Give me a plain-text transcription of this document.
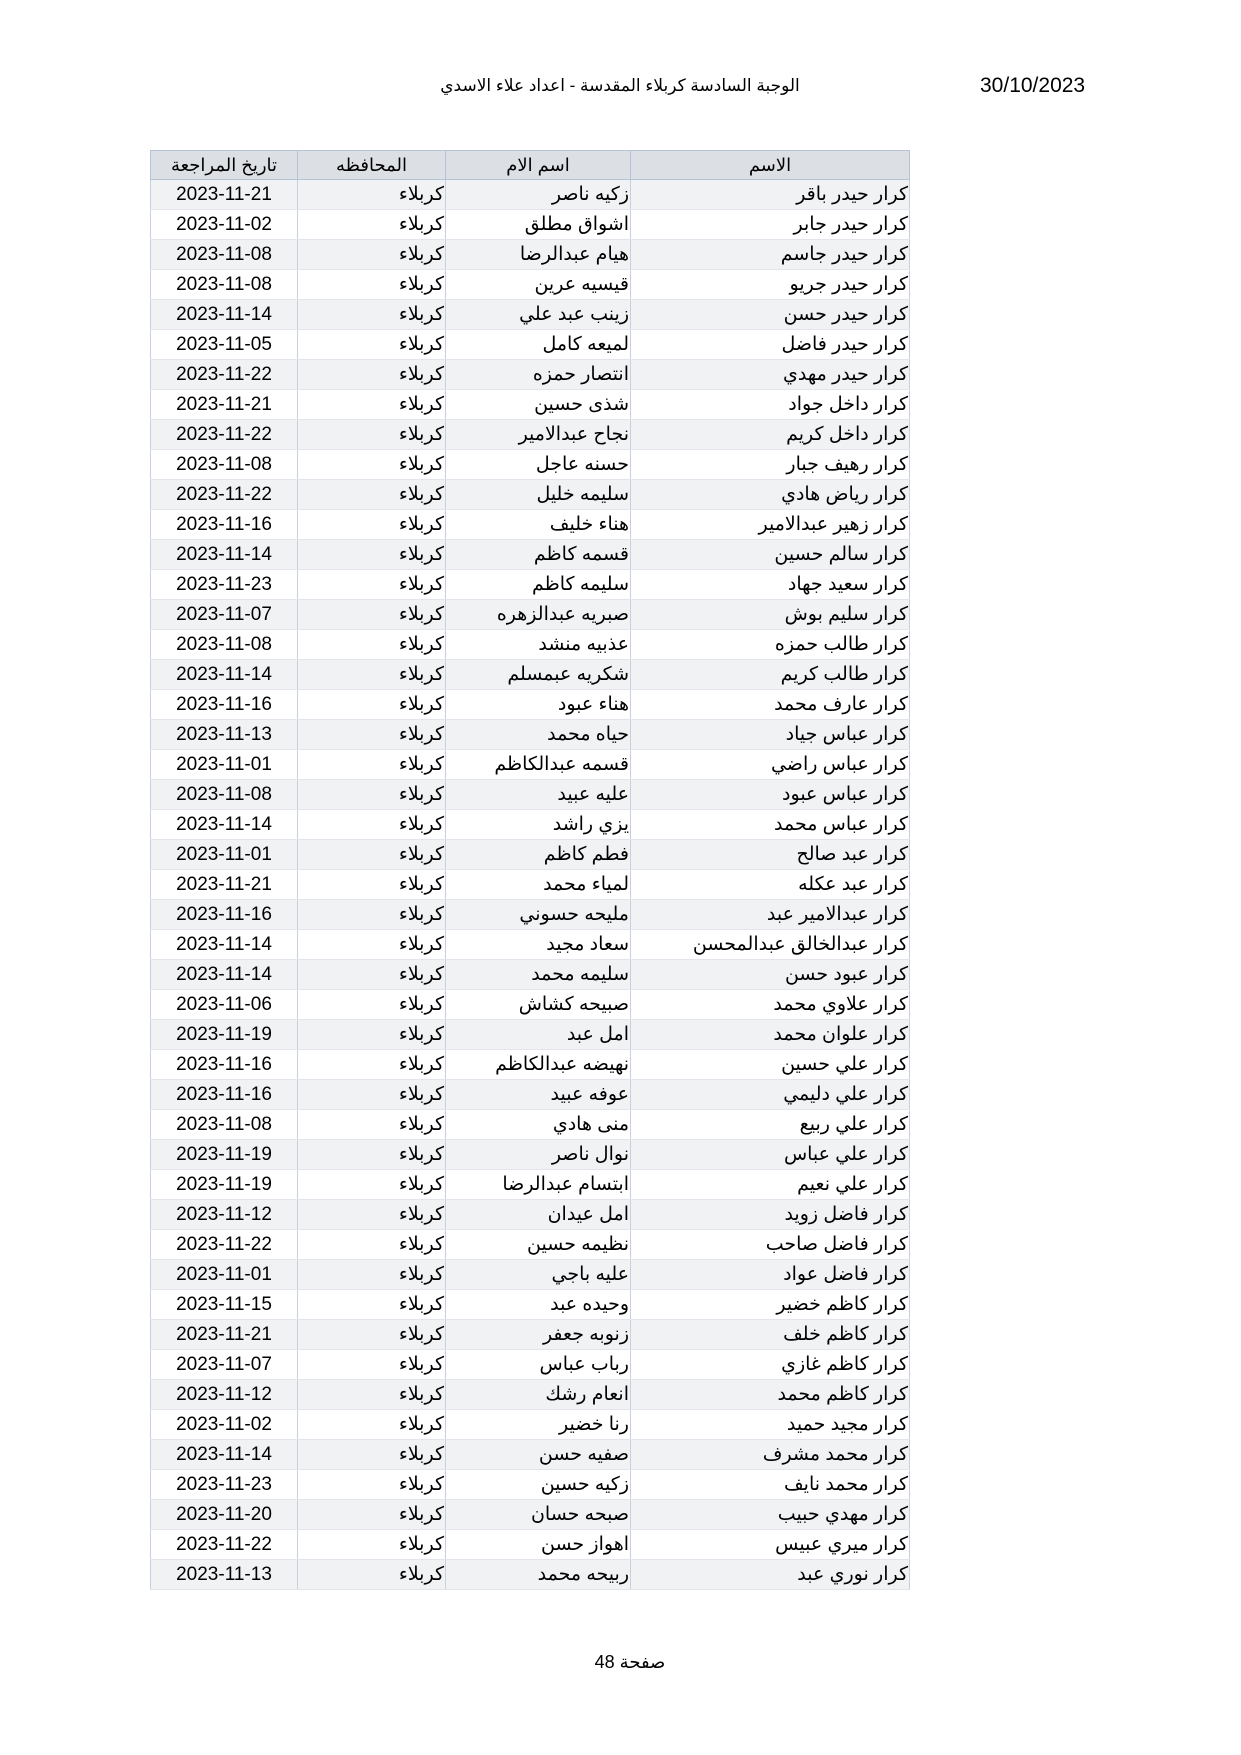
30/10/2023
الوجبة السادسة كربلاء المقدسة - اعداد علاء الاسدي
الاسم	اسم الام	المحافظه	تاريخ المراجعة
كرار حيدر باقر	زكيه ناصر	كربلاء	2023-11-21
كرار حيدر جابر	اشواق مطلق	كربلاء	2023-11-02
كرار حيدر جاسم	هيام عبدالرضا	كربلاء	2023-11-08
كرار حيدر جريو	قيسيه عرين	كربلاء	2023-11-08
كرار حيدر حسن	زينب عبد علي	كربلاء	2023-11-14
كرار حيدر فاضل	لميعه كامل	كربلاء	2023-11-05
كرار حيدر مهدي	انتصار حمزه	كربلاء	2023-11-22
كرار داخل جواد	شذى حسين	كربلاء	2023-11-21
كرار داخل كريم	نجاح عبدالامير	كربلاء	2023-11-22
كرار رهيف جبار	حسنه عاجل	كربلاء	2023-11-08
كرار رياض هادي	سليمه خليل	كربلاء	2023-11-22
كرار زهير عبدالامير	هناء خليف	كربلاء	2023-11-16
كرار سالم حسين	قسمه كاظم	كربلاء	2023-11-14
كرار سعيد جهاد	سليمه كاظم	كربلاء	2023-11-23
كرار سليم بوش	صبريه عبدالزهره	كربلاء	2023-11-07
كرار طالب حمزه	عذبيه منشد	كربلاء	2023-11-08
كرار طالب كريم	شكريه عبمسلم	كربلاء	2023-11-14
كرار عارف محمد	هناء عبود	كربلاء	2023-11-16
كرار عباس جياد	حياه محمد	كربلاء	2023-11-13
كرار عباس راضي	قسمه عبدالكاظم	كربلاء	2023-11-01
كرار عباس عبود	عليه عبيد	كربلاء	2023-11-08
كرار عباس محمد	يزي راشد	كربلاء	2023-11-14
كرار عبد صالح	فطم كاظم	كربلاء	2023-11-01
كرار عبد عكله	لمياء محمد	كربلاء	2023-11-21
كرار عبدالامير عبد	مليحه حسوني	كربلاء	2023-11-16
كرار عبدالخالق عبدالمحسن	سعاد مجيد	كربلاء	2023-11-14
كرار عبود حسن	سليمه محمد	كربلاء	2023-11-14
كرار علاوي محمد	صبيحه كشاش	كربلاء	2023-11-06
كرار علوان محمد	امل عبد	كربلاء	2023-11-19
كرار علي حسين	نهيضه عبدالكاظم	كربلاء	2023-11-16
كرار علي دليمي	عوفه عبيد	كربلاء	2023-11-16
كرار علي ربيع	منى هادي	كربلاء	2023-11-08
كرار علي عباس	نوال ناصر	كربلاء	2023-11-19
كرار علي نعيم	ابتسام عبدالرضا	كربلاء	2023-11-19
كرار فاضل زويد	امل عيدان	كربلاء	2023-11-12
كرار فاضل صاحب	نظيمه حسين	كربلاء	2023-11-22
كرار فاضل عواد	عليه باجي	كربلاء	2023-11-01
كرار كاظم خضير	وحيده عبد	كربلاء	2023-11-15
كرار كاظم خلف	زنوبه جعفر	كربلاء	2023-11-21
كرار كاظم غازي	رباب عباس	كربلاء	2023-11-07
كرار كاظم محمد	انعام رشك	كربلاء	2023-11-12
كرار مجيد حميد	رنا خضير	كربلاء	2023-11-02
كرار محمد مشرف	صفيه حسن	كربلاء	2023-11-14
كرار محمد نايف	زكيه حسين	كربلاء	2023-11-23
كرار مهدي حبيب	صبحه حسان	كربلاء	2023-11-20
كرار ميري عبيس	اهواز حسن	كربلاء	2023-11-22
كرار نوري عبد	ربيحه محمد	كربلاء	2023-11-13
صفحة 48
